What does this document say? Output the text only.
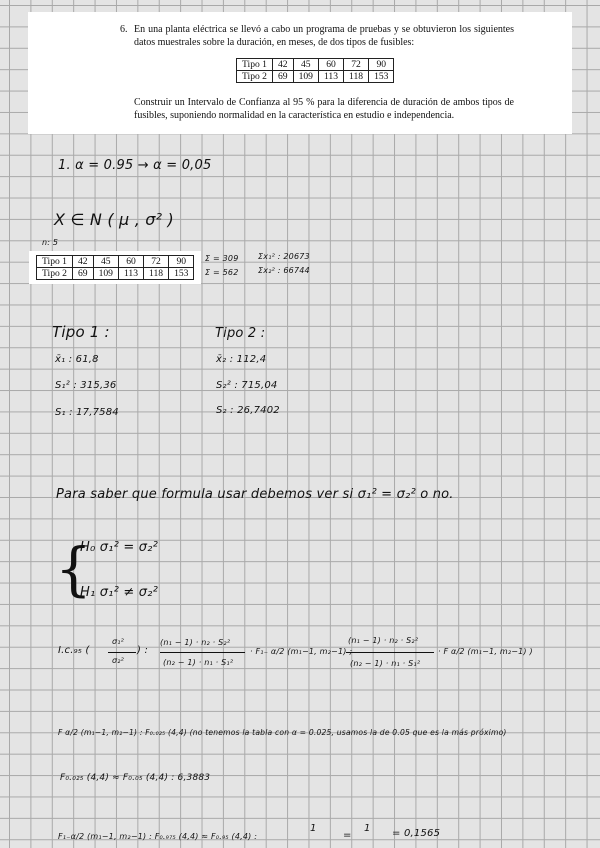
6. En una planta eléctrica se llevó a cabo un programa de pruebas y se obtuvieron los siguientes datos muestrales sobre la duración, en meses, de dos tipos de fusibles:
Construir un Intervalo de Confianza al 95 % para la diferencia de duración de ambos tipos de fusibles, suponiendo normalidad en la característica en estudio e independencia.
Tipo 1	42	45	60	72	90
Tipo 2	69	109	113	118	153
1. α = 0.95 → α = 0,05
X ∈ N ( μ , σ² )
n: 5
Tipo 1	42	45	60	72	90
Tipo 2	69	109	113	118	153
Σ = 309
Σ = 562
Σx₁² : 20673
Σx₂² : 66744
Tipo 1 :	Tipo 2 :
x̄₁ : 61,8
S₁² : 315,36
S₁ : 17,7584
x̄₂ : 112,4
S₂² : 715,04
S₂ : 26,7402
Para saber que formula usar debemos ver si σ₁² = σ₂² o no.
{
H₀ σ₁² = σ₂²
H₁ σ₁² ≠ σ₂²
I.c.₉₅ (
σ₁²
σ₂²
) :
(n₁ − 1) · n₂ · S₂²
(n₂ − 1) · n₁ · S₁²
· F₁₋ α/2 (m₁−1, m₂−1) ;
(n₁ − 1) · n₂ · S₂²
(n₂ − 1) · n₁ · S₁²
· F α/2 (m₁−1, m₂−1) )
F α/2 (m₁−1, m₂−1) : F₀.₀₂₅ (4,4) (no tenemos la tabla con α = 0.025, usamos la de 0.05 que es la más próximo)
F₀.₀₂₅ (4,4) ≈ F₀.₀₅ (4,4) : 6,3883
F₁₋α/2 (m₁−1, m₂−1) : F₀.₉₇₅ (4,4) ≈ F₀.₉₅ (4,4) :
1
=
1 = 0,1565
